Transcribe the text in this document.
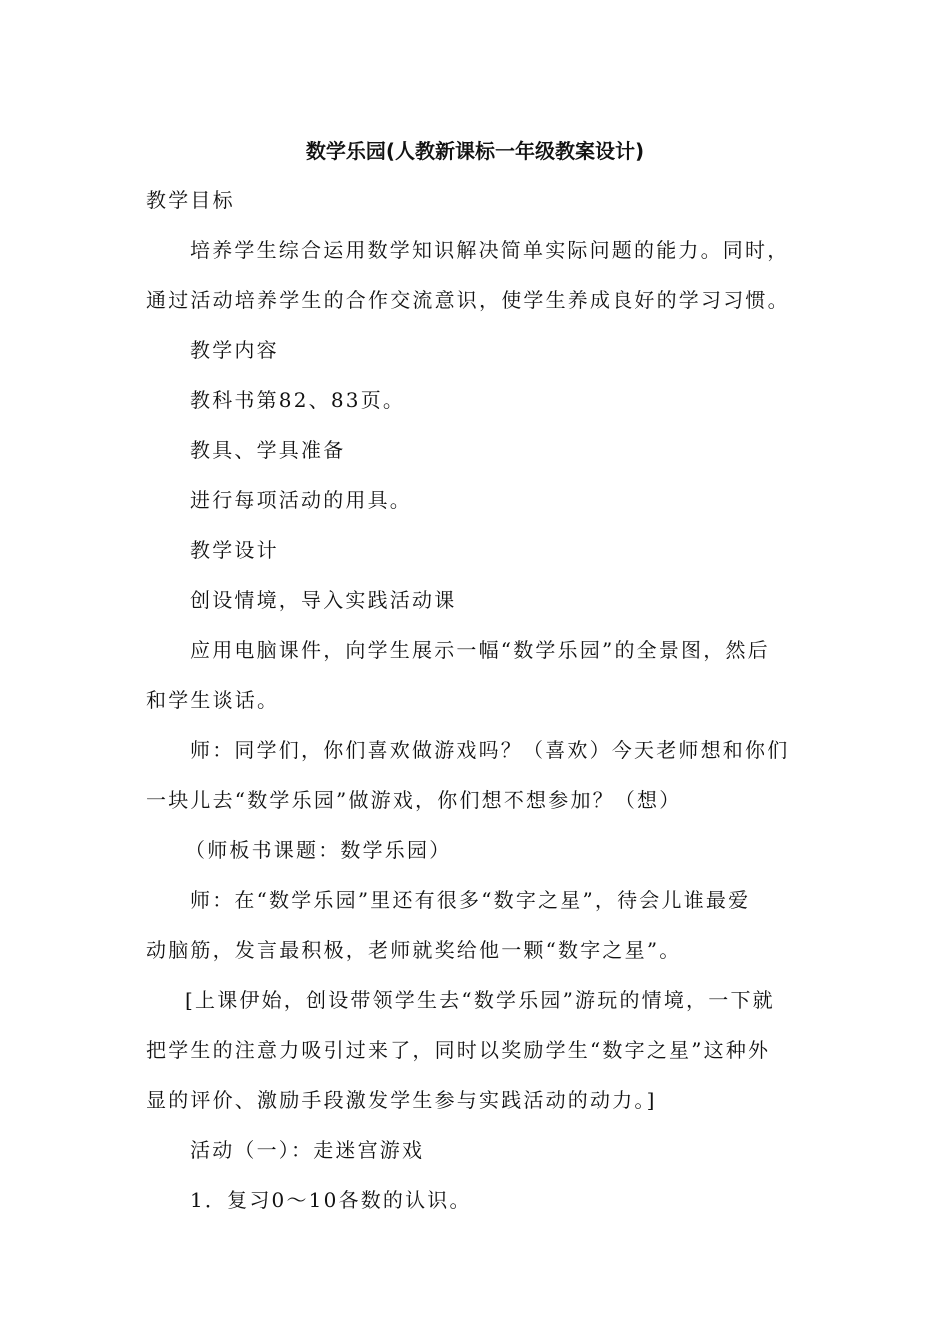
数学乐园(人教新课标一年级教案设计)
教学目标
培养学生综合运用数学知识解决简单实际问题的能力。同时，
通过活动培养学生的合作交流意识，使学生养成良好的学习习惯。
教学内容
教科书第82、83页。
教具、学具准备
进行每项活动的用具。
教学设计
创设情境，导入实践活动课
应用电脑课件，向学生展示一幅“数学乐园”的全景图，然后
和学生谈话。
师：同学们，你们喜欢做游戏吗？（喜欢）今天老师想和你们
一块儿去“数学乐园”做游戏，你们想不想参加？（想）
（师板书课题：数学乐园）
师：在“数学乐园”里还有很多“数字之星”，待会儿谁最爱
动脑筋，发言最积极，老师就奖给他一颗“数字之星”。
[上课伊始，创设带领学生去“数学乐园”游玩的情境，一下就
把学生的注意力吸引过来了，同时以奖励学生“数字之星”这种外
显的评价、激励手段激发学生参与实践活动的动力。]
活动（一）：走迷宫游戏
1．复习0～10各数的认识。
